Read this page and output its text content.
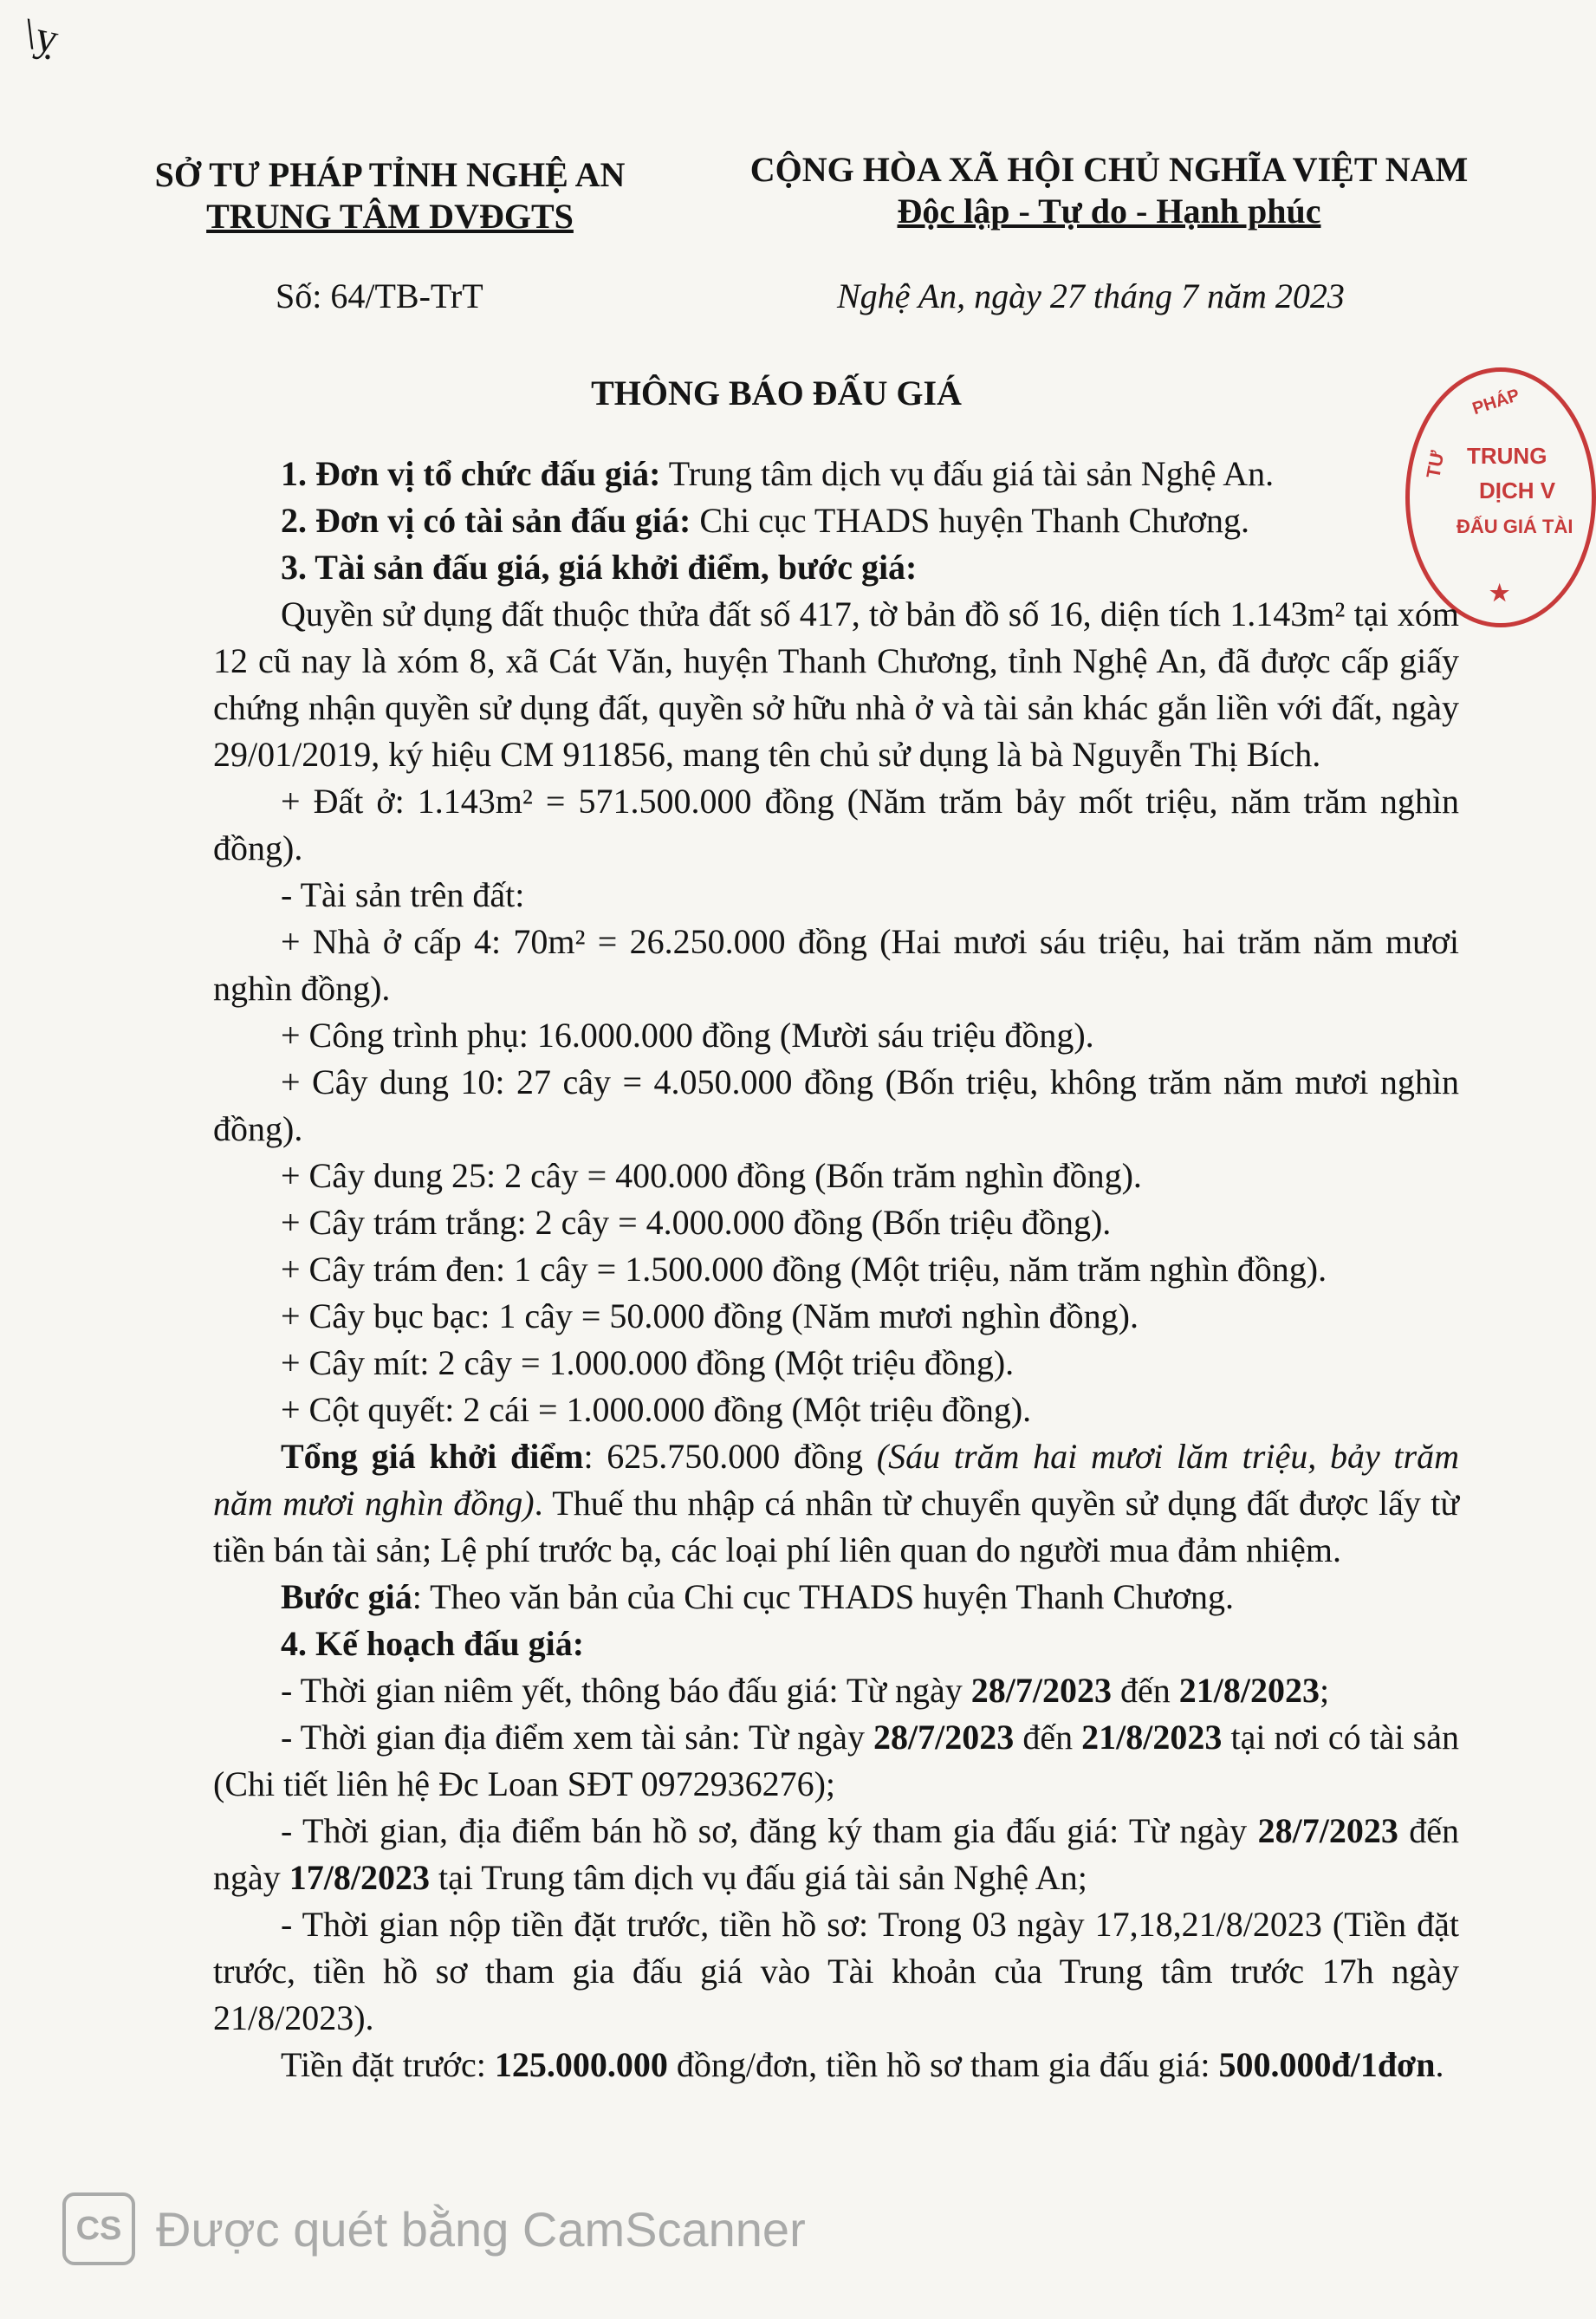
\ỵ
SỞ TƯ PHÁP TỈNH NGHỆ AN
TRUNG TÂM DVĐGTS
CỘNG HÒA XÃ HỘI CHỦ NGHĨA VIỆT NAM
Độc lập - Tự do - Hạnh phúc
Số: 64/TB-TrT	Nghệ An, ngày 27 tháng 7 năm 2023
THÔNG BÁO ĐẤU GIÁ	PHÁP
TRUNG
DỊCH V
ĐẤU GIÁ TÀI
★
TƯ

1. Đơn vị tổ chức đấu giá: Trung tâm dịch vụ đấu giá tài sản Nghệ An.

2. Đơn vị có tài sản đấu giá: Chi cục THADS huyện Thanh Chương.

3. Tài sản đấu giá, giá khởi điểm, bước giá:

Quyền sử dụng đất thuộc thửa đất số 417, tờ bản đồ số 16, diện tích 1.143m² tại xóm 12 cũ nay là xóm 8, xã Cát Văn, huyện Thanh Chương, tỉnh Nghệ An, đã được cấp giấy chứng nhận quyền sử dụng đất, quyền sở hữu nhà ở và tài sản khác gắn liền với đất, ngày 29/01/2019, ký hiệu CM 911856, mang tên chủ sử dụng là bà Nguyễn Thị Bích.

+ Đất ở: 1.143m² = 571.500.000 đồng (Năm trăm bảy mốt triệu, năm trăm nghìn đồng).

- Tài sản trên đất:

+ Nhà ở cấp 4: 70m² = 26.250.000 đồng (Hai mươi sáu triệu, hai trăm năm mươi nghìn đồng).

+ Công trình phụ: 16.000.000 đồng (Mười sáu triệu đồng).

+ Cây dung 10: 27 cây = 4.050.000 đồng (Bốn triệu, không trăm năm mươi nghìn đồng).

+ Cây dung 25: 2 cây = 400.000 đồng (Bốn trăm nghìn đồng).

+ Cây trám trắng: 2 cây = 4.000.000 đồng (Bốn triệu đồng).

+ Cây trám đen: 1 cây = 1.500.000 đồng (Một triệu, năm trăm nghìn đồng).

+ Cây bục bạc: 1 cây = 50.000 đồng (Năm mươi nghìn đồng).

+ Cây mít: 2 cây = 1.000.000 đồng (Một triệu đồng).

+ Cột quyết: 2 cái = 1.000.000 đồng (Một triệu đồng).

Tổng giá khởi điểm: 625.750.000 đồng (Sáu trăm hai mươi lăm triệu, bảy trăm năm mươi nghìn đồng). Thuế thu nhập cá nhân từ chuyển quyền sử dụng đất được lấy từ tiền bán tài sản; Lệ phí trước bạ, các loại phí liên quan do người mua đảm nhiệm.

Bước giá: Theo văn bản của Chi cục THADS huyện Thanh Chương.

4. Kế hoạch đấu giá:

- Thời gian niêm yết, thông báo đấu giá: Từ ngày 28/7/2023 đến 21/8/2023;

- Thời gian địa điểm xem tài sản: Từ ngày 28/7/2023 đến 21/8/2023 tại nơi có tài sản (Chi tiết liên hệ Đc Loan SĐT 0972936276);

- Thời gian, địa điểm bán hồ sơ, đăng ký tham gia đấu giá: Từ ngày 28/7/2023 đến ngày 17/8/2023 tại Trung tâm dịch vụ đấu giá tài sản Nghệ An;

- Thời gian nộp tiền đặt trước, tiền hồ sơ: Trong 03 ngày 17,18,21/8/2023 (Tiền đặt trước, tiền hồ sơ tham gia đấu giá vào Tài khoản của Trung tâm trước 17h ngày 21/8/2023).

Tiền đặt trước: 125.000.000 đồng/đơn, tiền hồ sơ tham gia đấu giá: 500.000đ/1đơn.

CS Được quét bằng CamScanner
